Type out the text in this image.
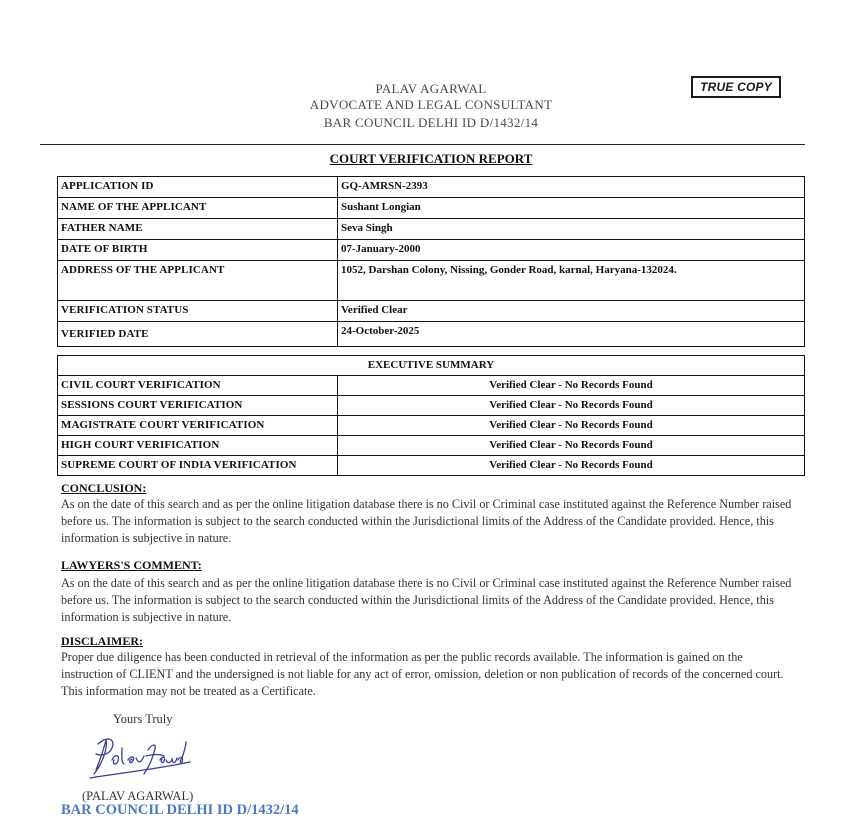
PALAV AGARWAL
ADVOCATE AND LEGAL CONSULTANT
BAR COUNCIL DELHI ID D/1432/14
TRUE COPY
COURT VERIFICATION REPORT
APPLICATION ID	GQ-AMRSN-2393
NAME OF THE APPLICANT	Sushant Longian
FATHER NAME	Seva Singh
DATE OF BIRTH	07-January-2000
ADDRESS OF THE APPLICANT	1052, Darshan Colony, Nissing, Gonder Road, karnal, Haryana-132024.
VERIFICATION STATUS	Verified Clear
VERIFIED DATE	24-October-2025
EXECUTIVE SUMMARY	
CIVIL COURT VERIFICATION	Verified Clear - No Records Found
SESSIONS COURT VERIFICATION	Verified Clear - No Records Found
MAGISTRATE COURT VERIFICATION	Verified Clear - No Records Found
HIGH COURT VERIFICATION	Verified Clear - No Records Found
SUPREME COURT OF INDIA VERIFICATION	Verified Clear - No Records Found
CONCLUSION:
As on the date of this search and as per the online litigation database there is no Civil or Criminal case instituted against the Reference Number raised before us. The information is subject to the search conducted within the Jurisdictional limits of the Address of the Candidate provided. Hence, this information is subjective in nature.
LAWYERS'S COMMENT:
As on the date of this search and as per the online litigation database there is no Civil or Criminal case instituted against the Reference Number raised before us. The information is subject to the search conducted within the Jurisdictional limits of the Address of the Candidate provided. Hence, this information is subjective in nature.
DISCLAIMER:
Proper due diligence has been conducted in retrieval of the information as per the public records available. The information is gained on the instruction of CLIENT and the undersigned is not liable for any act of error, omission, deletion or non publication of records of the concerned court. This information may not be treated as a Certificate.
Yours Truly
(PALAV AGARWAL)
BAR COUNCIL DELHI ID D/1432/14
